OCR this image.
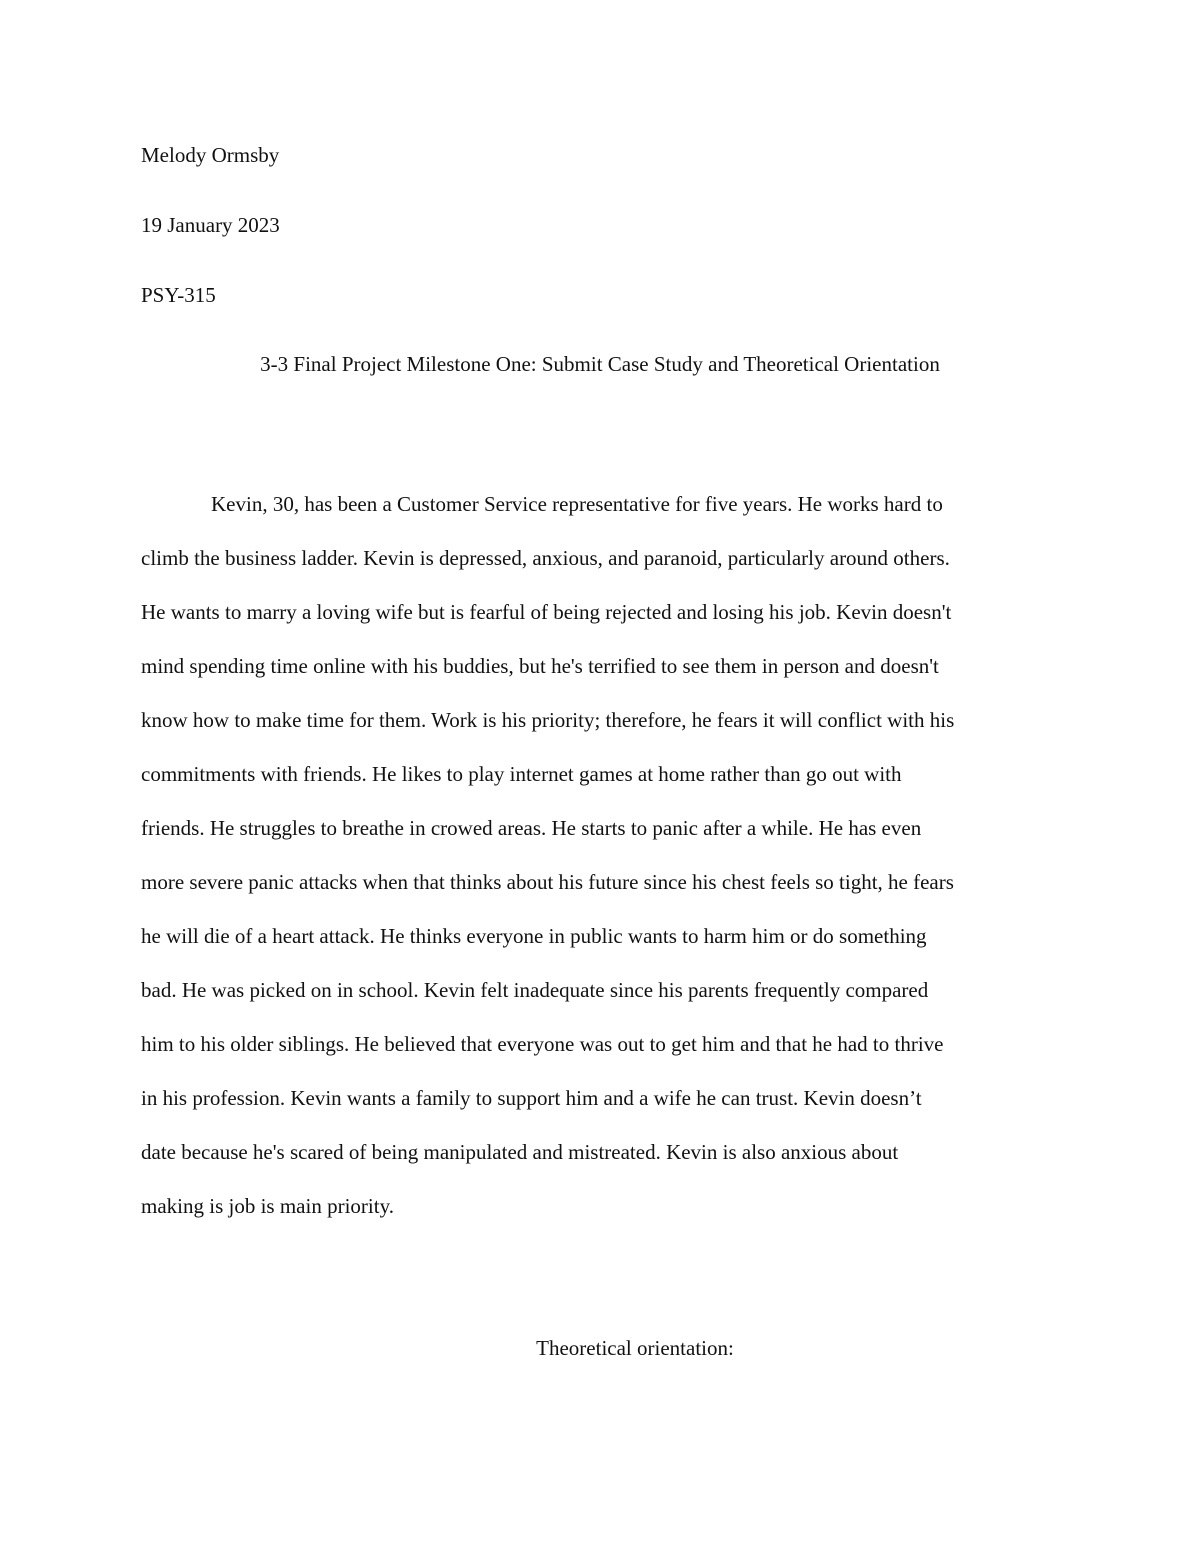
Melody Ormsby

19 January 2023

PSY-315

3-3 Final Project Milestone One: Submit Case Study and Theoretical Orientation

Kevin, 30, has been a Customer Service representative for five years. He works hard to

climb the business ladder. Kevin is depressed, anxious, and paranoid, particularly around others.

He wants to marry a loving wife but is fearful of being rejected and losing his job. Kevin doesn't

mind spending time online with his buddies, but he's terrified to see them in person and doesn't

know how to make time for them. Work is his priority; therefore, he fears it will conflict with his

commitments with friends. He likes to play internet games at home rather than go out with

friends. He struggles to breathe in crowed areas. He starts to panic after a while. He has even

more severe panic attacks when that thinks about his future since his chest feels so tight, he fears

he will die of a heart attack. He thinks everyone in public wants to harm him or do something

bad. He was picked on in school. Kevin felt inadequate since his parents frequently compared

him to his older siblings. He believed that everyone was out to get him and that he had to thrive

in his profession. Kevin wants a family to support him and a wife he can trust. Kevin doesn’t

date because he's scared of being manipulated and mistreated. Kevin is also anxious about

making is job is main priority.

Theoretical orientation:
